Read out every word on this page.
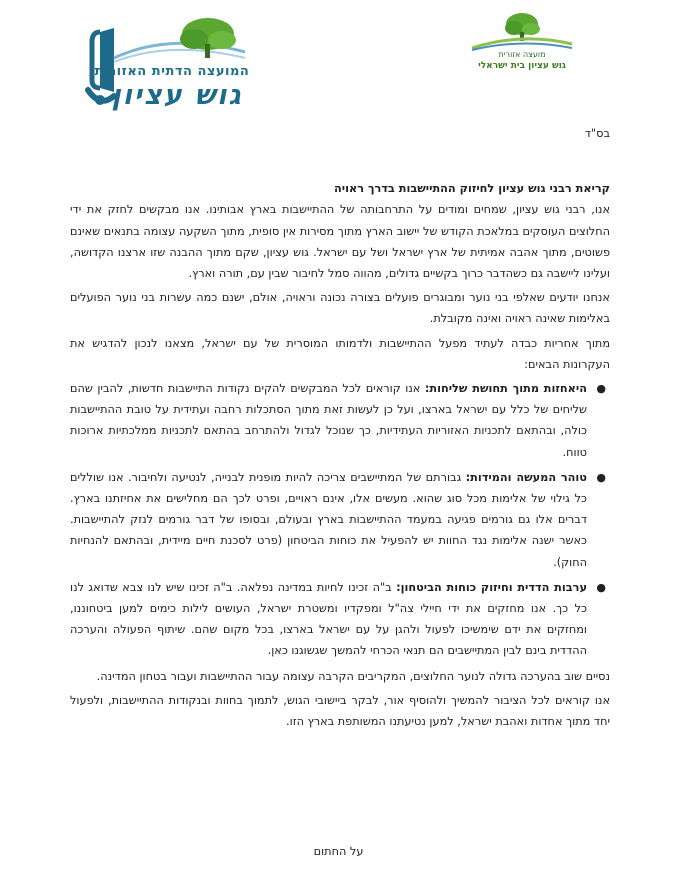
המועצה הדתית האזורית
גוש עציון
מועצה אזורית
גוש עציון בית ישראלי

בס"ד

קריאת רבני גוש עציון לחיזוק ההתיישבות בדרך ראויה

אנו, רבני גוש עציון, שמחים ומודים על התרחבותה של ההתיישבות בארץ אבותינו. אנו מבקשים לחזק את ידי החלוצים העוסקים במלאכת הקודש של יישוב הארץ מתוך מסירות אין סופית, מתוך השקעה עצומה בתנאים שאינם פשוטים, מתוך אהבה אמיתית של ארץ ישראל ושל עם ישראל. גוש עציון, שקם מתוך ההבנה שזו ארצנו הקדושה, ועלינו ליישבה גם כשהדבר כרוך בקשיים גדולים, מהווה סמל לחיבור שבין עם, תורה וארץ.

אנחנו יודעים שאלפי בני נוער ומבוגרים פועלים בצורה נכונה וראויה, אולם, ישנם כמה עשרות בני נוער הפועלים באלימות שאינה ראויה ואינה מקובלת.

מתוך אחריות כבדה לעתיד מפעל ההתיישבות ולדמותו המוסרית של עם ישראל, מצאנו לנכון להדגיש את העקרונות הבאים:

●
היאחזות מתוך תחושת שליחות: אנו קוראים לכל המבקשים להקים נקודות התיישבות חדשות, להבין שהם שליחים של כלל עם ישראל בארצו, ועל כן לעשות זאת מתוך הסתכלות רחבה ועתידית על טובת ההתיישבות כולה, ובהתאם לתכניות האזוריות העתידיות, כך שנוכל לגדול ולהתרחב בהתאם לתכניות ממלכתיות ארוכות טווח.
●
טוהר המעשה והמידות: גבורתם של המתיישבים צריכה להיות מופנית לבנייה, לנטיעה ולחיבור. אנו שוללים כל גילוי של אלימות מכל סוג שהוא. מעשים אלו, אינם ראויים, ופרט לכך הם מחלישים את אחיזתנו בארץ. דברים אלו גם גורמים פגיעה במעמד ההתיישבות בארץ ובעולם, ובסופו של דבר גורמים לנזק להתיישבות. כאשר ישנה אלימות נגד החוות יש להפעיל את כוחות הביטחון (פרט לסכנת חיים מיידית, ובהתאם להנחיות החוק).
●
ערבות הדדית וחיזוק כוחות הביטחון: ב"ה זכינו לחיות במדינה נפלאה. ב"ה זכינו שיש לנו צבא שדואג לנו כל כך. אנו מחזקים את ידי חיילי צה"ל ומפקדיו ומשטרת ישראל, העושים לילות כימים למען ביטחוננו, ומחזקים את ידם שימשיכו לפעול ולהגן על עם ישראל בארצו, בכל מקום שהם. שיתוף הפעולה והערכה ההדדית בינם לבין המתיישבים הם תנאי הכרחי להמשך שגשוגנו כאן.

נסיים שוב בהערכה גדולה לנוער החלוצים, המקריבים הקרבה עצומה עבור ההתיישבות ועבור בטחון המדינה.

אנו קוראים לכל הציבור להמשיך ולהוסיף אור, לבקר ביישובי הגוש, לתמוך בחוות ובנקודות ההתיישבות, ולפעול יחד מתוך אחדות ואהבת ישראל, למען נטיעתנו המשותפת בארץ הזו.

על החתום
